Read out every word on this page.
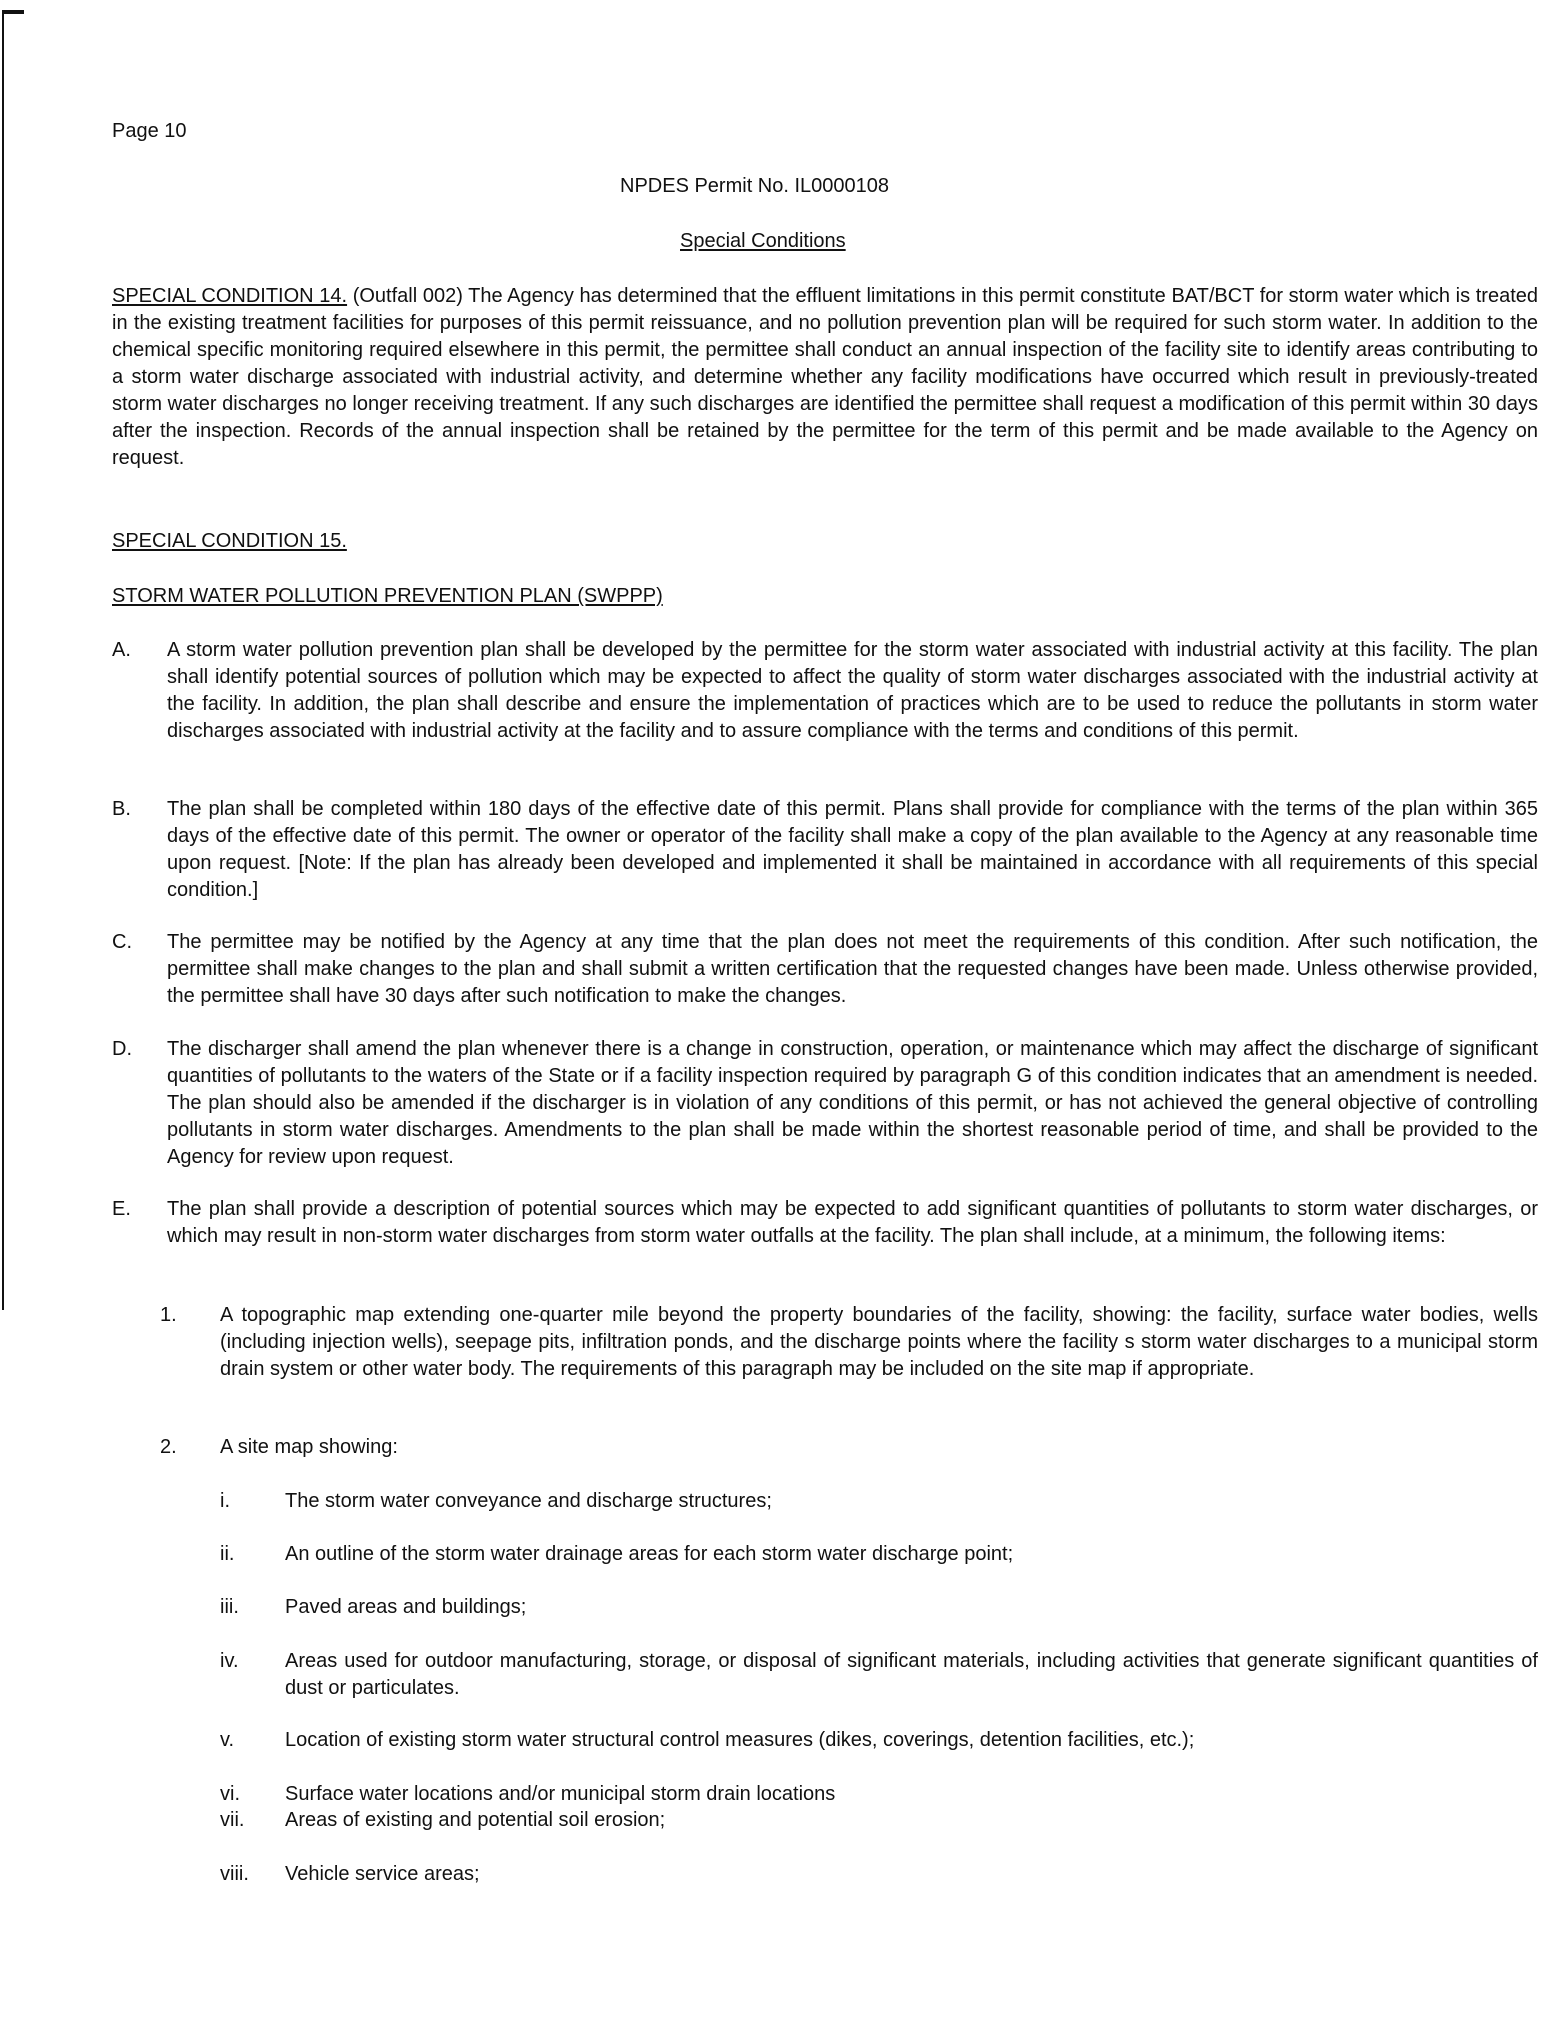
Page 10
NPDES Permit No. IL0000108
Special Conditions
SPECIAL CONDITION 14. (Outfall 002) The Agency has determined that the effluent limitations in this permit constitute BAT/BCT for storm water which is treated in the existing treatment facilities for purposes of this permit reissuance, and no pollution prevention plan will be required for such storm water. In addition to the chemical specific monitoring required elsewhere in this permit, the permittee shall conduct an annual inspection of the facility site to identify areas contributing to a storm water discharge associated with industrial activity, and determine whether any facility modifications have occurred which result in previously-treated storm water discharges no longer receiving treatment. If any such discharges are identified the permittee shall request a modification of this permit within 30 days after the inspection. Records of the annual inspection shall be retained by the permittee for the term of this permit and be made available to the Agency on request.
SPECIAL CONDITION 15.
STORM WATER POLLUTION PREVENTION PLAN (SWPPP)
A.	A storm water pollution prevention plan shall be developed by the permittee for the storm water associated with industrial activity at this facility. The plan shall identify potential sources of pollution which may be expected to affect the quality of storm water discharges associated with the industrial activity at the facility. In addition, the plan shall describe and ensure the implementation of practices which are to be used to reduce the pollutants in storm water discharges associated with industrial activity at the facility and to assure compliance with the terms and conditions of this permit.
B.	The plan shall be completed within 180 days of the effective date of this permit. Plans shall provide for compliance with the terms of the plan within 365 days of the effective date of this permit. The owner or operator of the facility shall make a copy of the plan available to the Agency at any reasonable time upon request. [Note: If the plan has already been developed and implemented it shall be maintained in accordance with all requirements of this special condition.]
C.	The permittee may be notified by the Agency at any time that the plan does not meet the requirements of this condition. After such notification, the permittee shall make changes to the plan and shall submit a written certification that the requested changes have been made. Unless otherwise provided, the permittee shall have 30 days after such notification to make the changes.
D.	The discharger shall amend the plan whenever there is a change in construction, operation, or maintenance which may affect the discharge of significant quantities of pollutants to the waters of the State or if a facility inspection required by paragraph G of this condition indicates that an amendment is needed. The plan should also be amended if the discharger is in violation of any conditions of this permit, or has not achieved the general objective of controlling pollutants in storm water discharges. Amendments to the plan shall be made within the shortest reasonable period of time, and shall be provided to the Agency for review upon request.
E.	The plan shall provide a description of potential sources which may be expected to add significant quantities of pollutants to storm water discharges, or which may result in non-storm water discharges from storm water outfalls at the facility. The plan shall include, at a minimum, the following items:
1.	A topographic map extending one-quarter mile beyond the property boundaries of the facility, showing: the facility, surface water bodies, wells (including injection wells), seepage pits, infiltration ponds, and the discharge points where the facility s storm water discharges to a municipal storm drain system or other water body. The requirements of this paragraph may be included on the site map if appropriate.
2.	A site map showing:
i.	The storm water conveyance and discharge structures;
ii.	An outline of the storm water drainage areas for each storm water discharge point;
iii.	Paved areas and buildings;
iv.	Areas used for outdoor manufacturing, storage, or disposal of significant materials, including activities that generate significant quantities of dust or particulates.
v.	Location of existing storm water structural control measures (dikes, coverings, detention facilities, etc.);
vi.	Surface water locations and/or municipal storm drain locations
vii.	Areas of existing and potential soil erosion;
viii.	Vehicle service areas;
